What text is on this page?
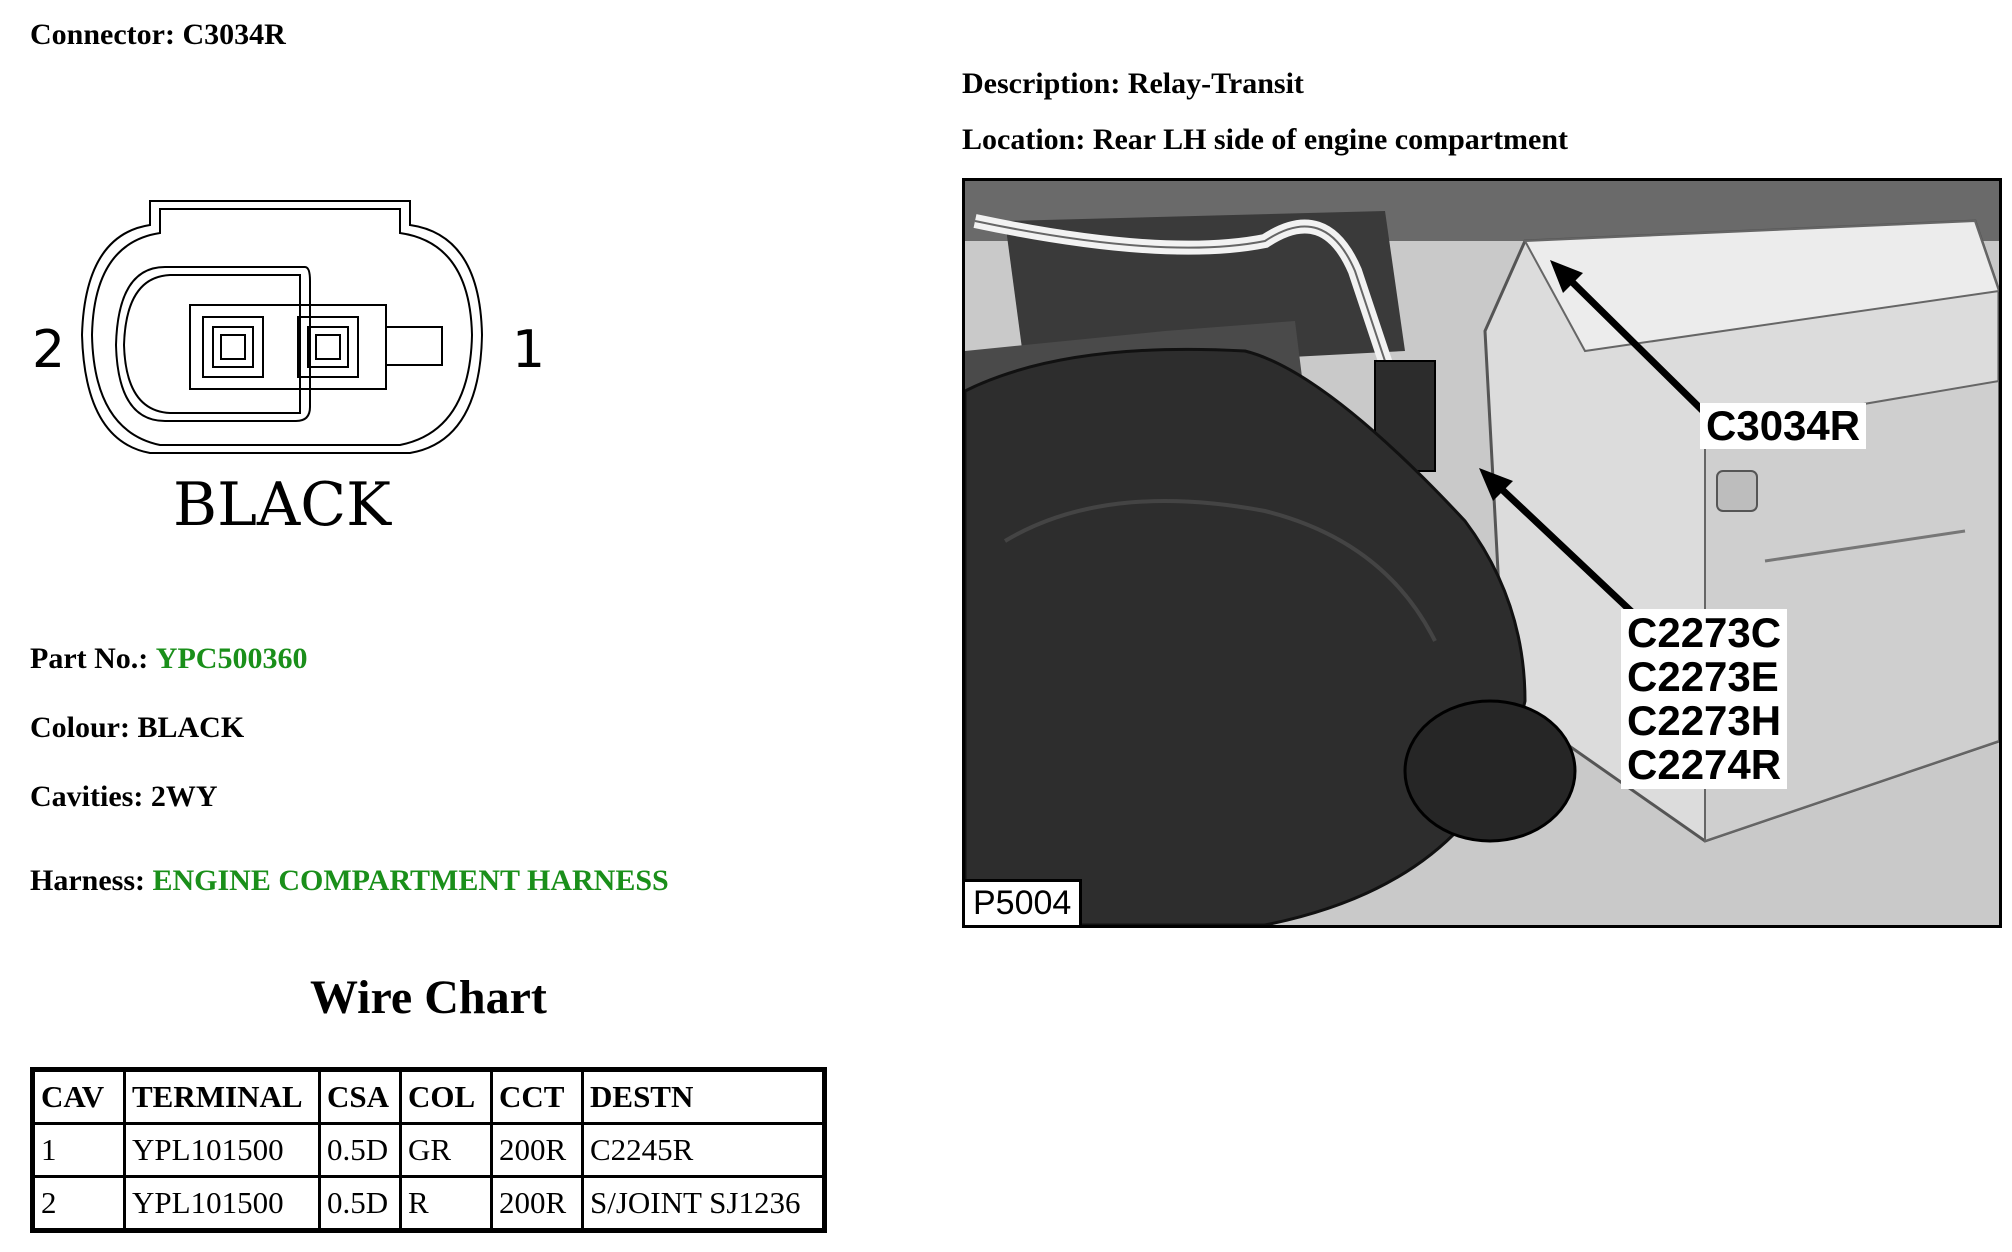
Connector: C3034R
Description: Relay-Transit
Location: Rear LH side of engine compartment
2	1
BLACK
Part No.: YPC500360
Colour: BLACK
Cavities: 2WY
Harness: ENGINE COMPARTMENT HARNESS
Wire Chart
CAV	TERMINAL	CSA	COL	CCT	DESTN
1	YPL101500	0.5D	GR	200R	C2245R
2	YPL101500	0.5D	R	200R	S/JOINT SJ1236
C3034R
C2273C
C2273E
C2273H
C2274R
P5004
